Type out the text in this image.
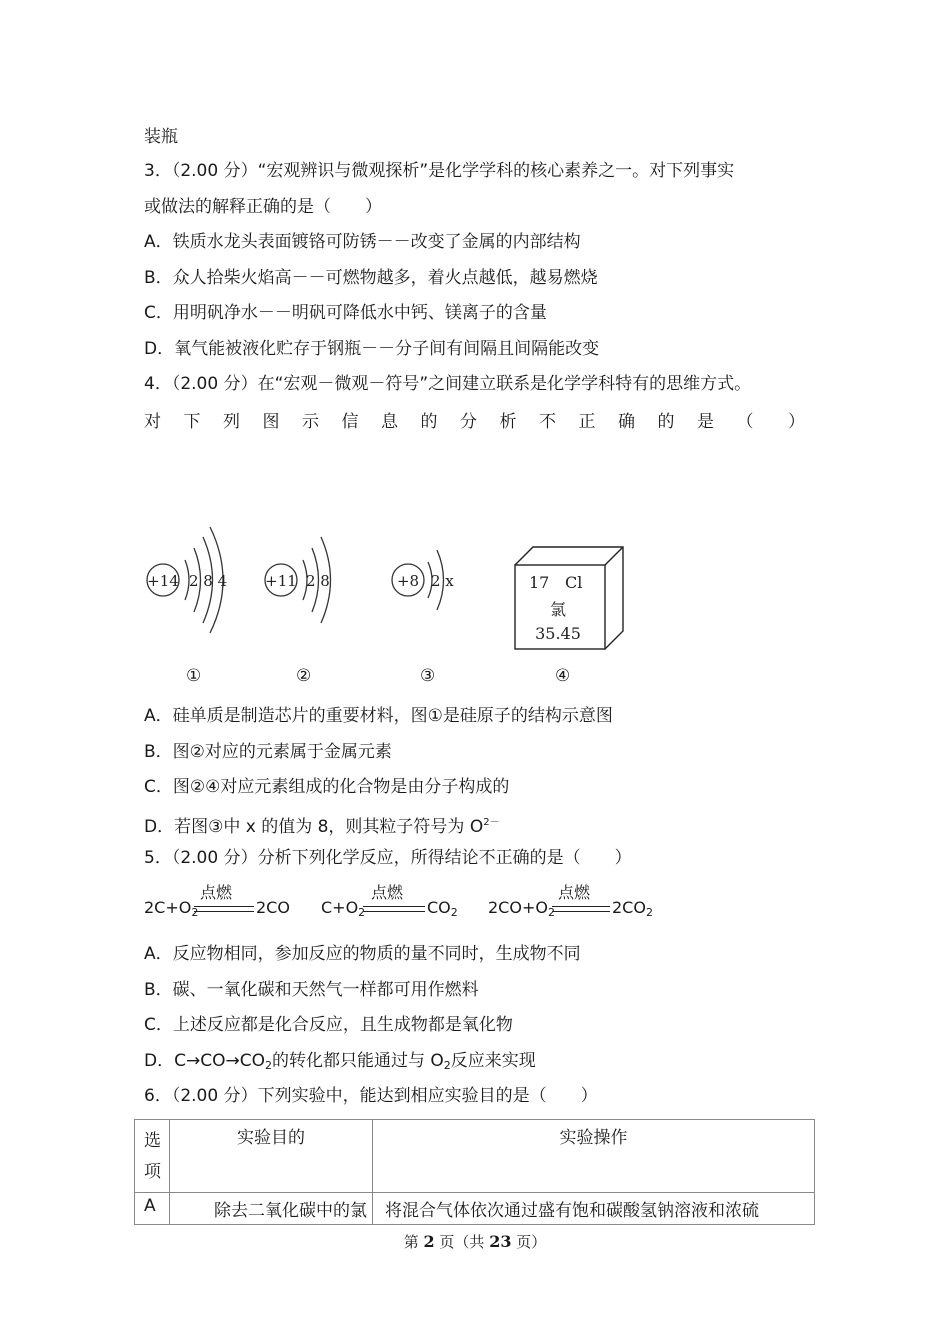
装瓶
3．（2.00 分）“宏观辨识与微观探析”是化学学科的核心素养之一。对下列事实
或做法的解释正确的是（　　）
A．铁质水龙头表面镀铬可防锈－－改变了金属的内部结构
B．众人拾柴火焰高－－可燃物越多，着火点越低，越易燃烧
C．用明矾净水－－明矾可降低水中钙、镁离子的含量
D．氧气能被液化贮存于钢瓶－－分子间有间隔且间隔能改变
4．（2.00 分）在“宏观－微观－符号”之间建立联系是化学学科特有的思维方式。
对下列图示信息的分析不正确的是（ ）
+14 2 8 4	+11 2 8	+8 2 x	17 Cl
氯
35.45
①	②	③	④
A．硅单质是制造芯片的重要材料，图①是硅原子的结构示意图
B．图②对应的元素属于金属元素
C．图②④对应元素组成的化合物是由分子构成的
D．若图③中 x 的值为 8，则其粒子符号为 $O^{2-}$
5．（2.00 分）分析下列化学反应，所得结论不正确的是（　　）
$2C+O_2$
点燃
2CO $C+O_2$
点燃
$CO_2$ $2CO+O_2$
点燃
$2CO_2$
A．反应物相同，参加反应的物质的量不同时，生成物不同
B．碳、一氧化碳和天然气一样都可用作燃料
C．上述反应都是化合反应，且生成物都是氧化物
D．$C\to CO\to CO_2$的转化都只能通过与 $O_2$反应来实现
6．（2.00 分）下列实验中，能达到相应实验目的是（　　）
选
项	实验目的	实验操作
A	除去二氧化碳中的氯	将混合气体依次通过盛有饱和碳酸氢钠溶液和浓硫
第 2 页（共 23 页）
